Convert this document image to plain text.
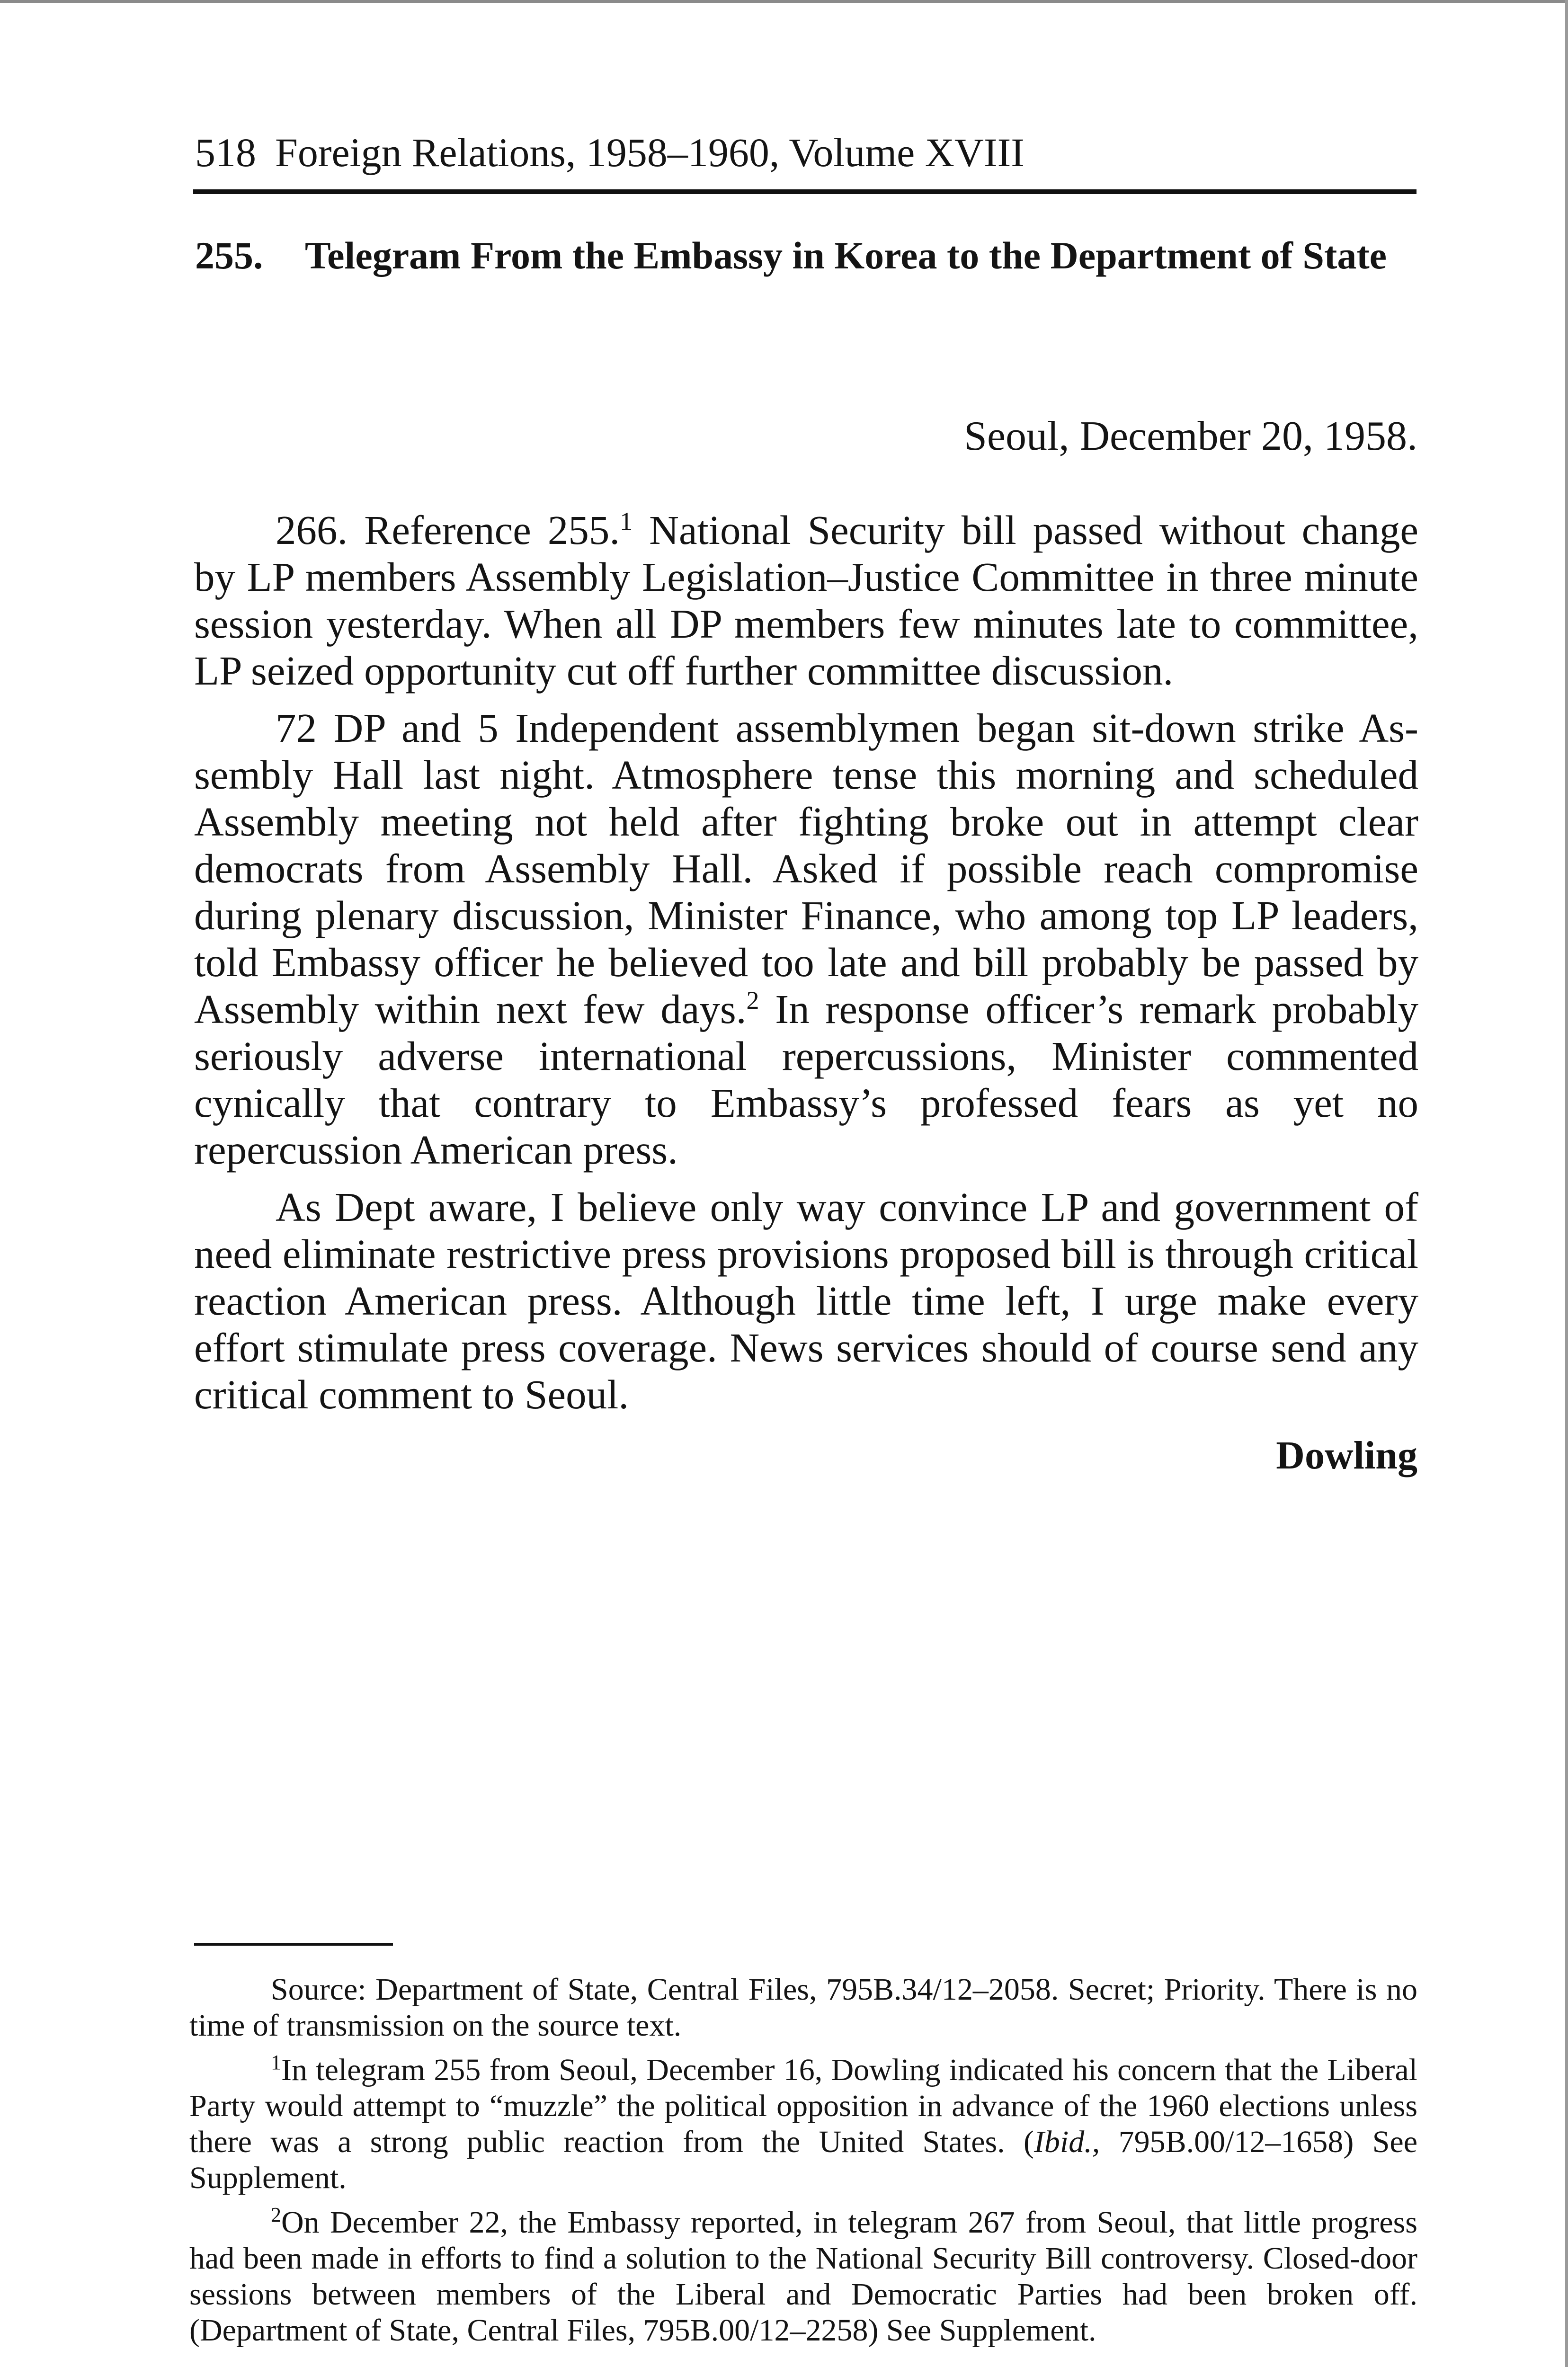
518 Foreign Relations, 1958–1960, Volume XVIII
255. Telegram From the Embassy in Korea to the Department of State
Seoul, December 20, 1958.

266. Reference 255.$^1$ National Security bill passed without change by LP members Assembly Legislation–Justice Committee in three minute session yesterday. When all DP members few minutes late to committee, LP seized opportunity cut off further committee discussion.

72 DP and 5 Independent assemblymen began sit-down strike Assembly Hall last night. Atmosphere tense this morning and scheduled Assembly meeting not held after fighting broke out in attempt clear democrats from Assembly Hall. Asked if possible reach compromise during plenary discussion, Minister Finance, who among top LP leaders, told Embassy officer he believed too late and bill probably be passed by Assembly within next few days.$^2$ In response officer’s remark probably seriously adverse international repercussions, Minister commented cynically that contrary to Embassy’s professed fears as yet no repercussion American press.

As Dept aware, I believe only way convince LP and government of need eliminate restrictive press provisions proposed bill is through critical reaction American press. Although little time left, I urge make every effort stimulate press coverage. News services should of course send any critical comment to Seoul.

Dowling

Source: Department of State, Central Files, 795B.34/12–2058. Secret; Priority. There is no time of transmission on the source text.

$^1$In telegram 255 from Seoul, December 16, Dowling indicated his concern that the Liberal Party would attempt to “muzzle” the political opposition in advance of the 1960 elections unless there was a strong public reaction from the United States. (Ibid., 795B.00/12–1658) See Supplement.

$^2$On December 22, the Embassy reported, in telegram 267 from Seoul, that little progress had been made in efforts to find a solution to the National Security Bill controversy. Closed-door sessions between members of the Liberal and Democratic Parties had been broken off. (Department of State, Central Files, 795B.00/12–2258) See Supplement.
